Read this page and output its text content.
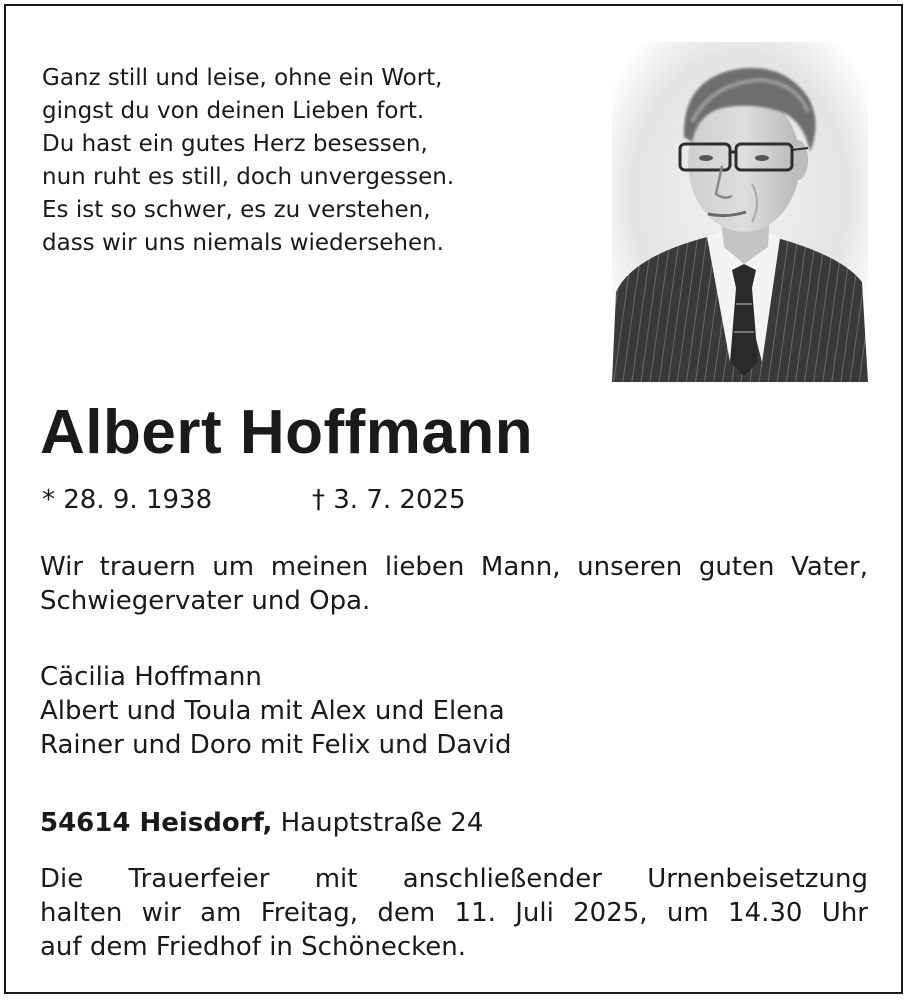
Ganz still und leise, ohne ein Wort,
gingst du von deinen Lieben fort.
Du hast ein gutes Herz besessen,
nun ruht es still, doch unvergessen.
Es ist so schwer, es zu verstehen,
dass wir uns niemals wiedersehen.
Albert Hoffmann
* 28. 9. 1938	† 3. 7. 2025
Wir trauern um meinen lieben Mann, unseren guten Vater, Schwiegervater und Opa.
Cäcilia Hoffmann
Albert und Toula mit Alex und Elena
Rainer und Doro mit Felix und David
54614 Heisdorf, Hauptstraße 24
Die Trauerfeier mit anschließender Urnenbeisetzung
halten wir am Freitag, dem 11. Juli 2025, um 14.30 Uhr
auf dem Friedhof in Schönecken.
